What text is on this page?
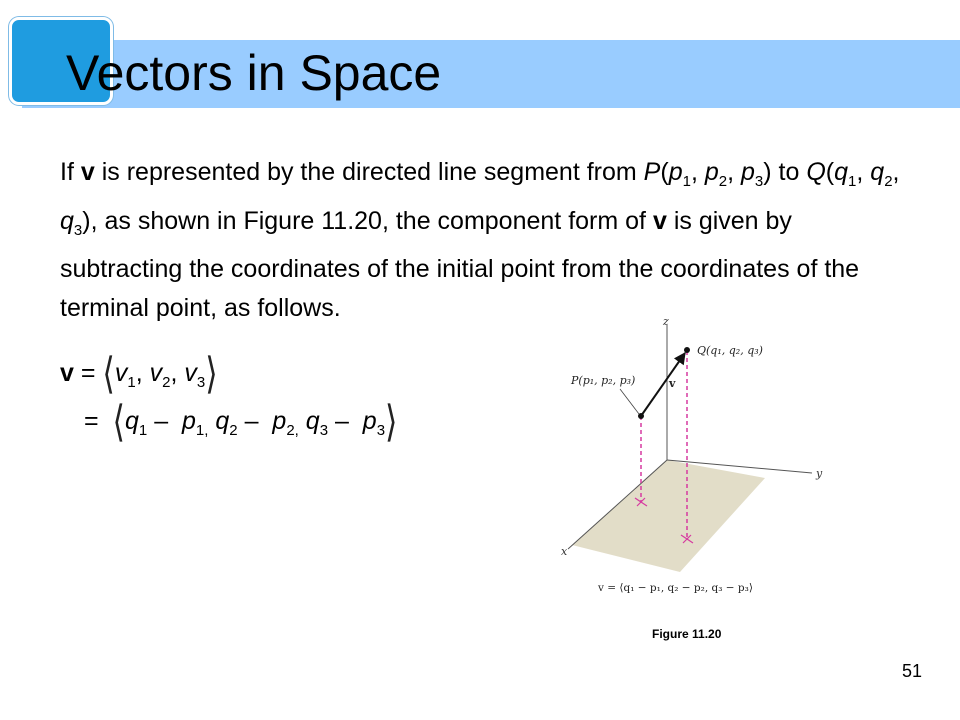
Vectors in Space

If v is represented by the directed line segment from $P(p_1$, $p_2$, $p_3$) to $Q(q_1$, $q_2$, $q_3$), as shown in Figure 11.20, the component form of v is given by subtracting the coordinates of the initial point from the coordinates of the terminal point, as follows.

$v = ⟨v_1$, $v_2$, $v_3⟩$
= $⟨q_1 - p_{1,}$ $q_2 - p_{2,}$ $q_3$ – $p_3⟩$
z
y
x
Q(q₁, q₂, q₃)
P(p₁, p₂, p₃)	v
v = ⟨q₁ − p₁, q₂ − p₂, q₃ − p₃⟩
Figure 11.20
51
